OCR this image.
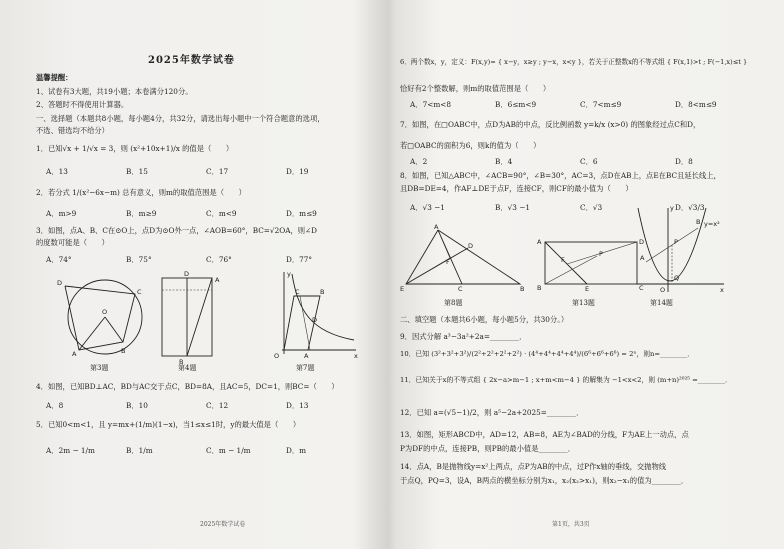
2025年数学试卷
温馨提醒：
1、试卷有3大题，共19小题；本卷满分120分。
2、答题时不得使用计算器。
一、选择题（本题共8小题，每小题4分，共32分，请选出每小题中一个符合题意的选项，
不选、错选均不给分）
1．已知√x + 1/√x = 3，则 (x²+10x+1)/x 的值是（　　）
A．13	B．15	C．17	D．19
2．若分式 1/(x²−6x−m) 总有意义，则m的取值范围是（　　）
A．m>9	B．m≥9	C．m<9	D．m≤9
3．如图，点A、B、C在⊙O上，点D为⊙O外一点，∠AOB=60°，BC=√2OA，则∠D
的度数可能是（　　）
A．74°	B．75°	C．76°	D．77°
D
C
O
A	B
第3题
D
A
B
第4题
C	B
D
O	A	x
y
第7题
4．如图，已知BD⊥AC，BD与AC交于点C，BD=8A，且AC=5，DC=1，则BC=（　　）
A．8	B．10	C．12	D．13
5．已知0<m<1，且 y=mx+(1/m)(1−x)，当1≤x≤1时，y的最大值是（　　）
A．2m − 1/m	B．1/m	C．m − 1/m	D．m
2025年数学试卷
6．两个数x，y，定义：F(x,y)= { x−y，x≥y ; y−x，x<y }，若关于正整数x的不等式组 { F(x,1)>t ; F(−1,x)≤t }
恰好有2个整数解，则m的取值范围是（　　）
A．7<m<8	B．6≤m<9	C．7<m≤9	D．8<m≤9
7．如图，在□OABC中，点D为AB的中点，反比例函数 y=k/x (x>0) 的图象经过点C和D，
若□OABC的面积为6，则k的值为（　　）
A．2	B．4	C．6	D．8
8．如图，已知△ABC中，∠ACB=90°，∠B=30°，AC=3，点D在AB上，点E在BC且延长线上，
且DB=DE=4，作AF⊥DE于点F，连接CF，则CF的最小值为（　　）
A．√3 −1	B．√3 −1	C．√3	D．√3/3
A
D
F
E	C	B
第8题
A	D
B	E	C
P
F
第13题
y=x²
A
B
P
Q
O	x
y
第14题
二、填空题（本题共6小题，每小题5分，共30分。）
9．因式分解 a³−3a²+2a=________．
10．已知 (3²+3²+3²)/(2²+2²+2²+2²) · (4⁴+4⁴+4⁴+4⁴)/(6⁶+6⁶+6⁶) = 2ⁿ，则n=________．
11．已知关于x的不等式组 { 2x−a>m−1 ; x+m<m−4 } 的解集为 −1<x<2，则 (m+n)²⁰²⁵ =________．
12．已知 a=(√5−1)/2，则 a⁵−2a+2025=________．
13．如图，矩形ABCD中，AD=12，AB=8，AE为∠BAD的分线，F为AE上一动点，点
P为DF的中点，连接PB，则PB的最小值是________．
14．点A，B是抛物线y=x²上两点，点P为AB的中点，过P作x轴的垂线，交抛物线
于点Q，PQ=3，设A，B两点的横坐标分别为x₁，x₂(x₂>x₁)，则x₂−x₁的值为________．
第1页，共3页
